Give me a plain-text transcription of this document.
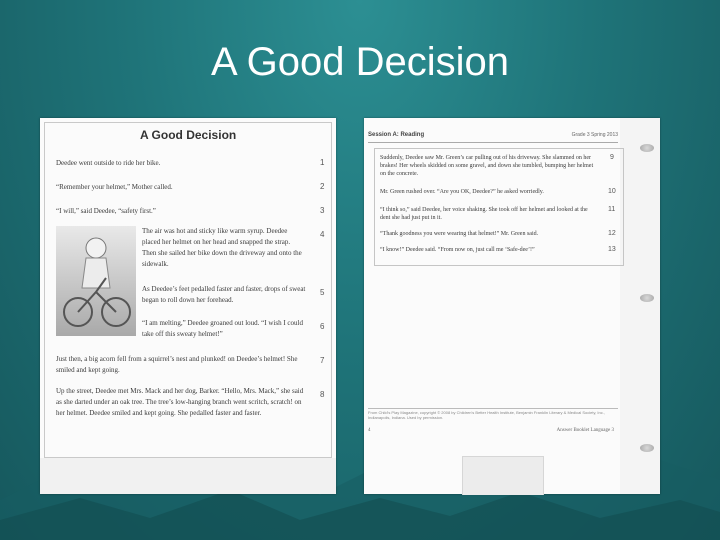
A Good Decision
A Good Decision
Deedee went outside to ride her bike.	1
“Remember your helmet,” Mother called.	2
“I will,” said Deedee, “safety first.”	3
The air was hot and sticky like warm syrup. Deedee placed her helmet on her head and snapped the strap. Then she sailed her bike down the driveway and onto the sidewalk.
4
As Deedee’s feet pedalled faster and faster, drops of sweat began to roll down her forehead.
5
“I am melting,” Deedee groaned out loud. “I wish I could take off this sweaty helmet!”
6
Just then, a big acorn fell from a squirrel’s nest and plunked! on Deedee’s helmet! She smiled and kept going.
7
Up the street, Deedee met Mrs. Mack and her dog, Barker. “Hello, Mrs. Mack,” she said as she darted under an oak tree. The tree’s low-hanging branch went scritch, scratch! on her helmet. Deedee smiled and kept going. She pedalled faster and faster.
8
Session A: Reading	Grade 3 Spring 2013
Suddenly, Deedee saw Mr. Green’s car pulling out of his driveway. She slammed on her brakes! Her wheels skidded on some gravel, and down she tumbled, bumping her helmet on the concrete.
9
Mr. Green rushed over. “Are you OK, Deedee?” he asked worriedly.	10
“I think so,” said Deedee, her voice shaking. She took off her helmet and looked at the dent she had just put in it.
11
“Thank goodness you were wearing that helmet!” Mr. Green said.	12
“I know!” Deedee said. “From now on, just call me ‘Safe-dee’!”	13
From Child's Play Magazine, copyright © 2008 by Children's Better Health Institute, Benjamin Franklin Literary & Medical Society, Inc., Indianapolis, Indiana. Used by permission.
4	Answer Booklet Language 3
